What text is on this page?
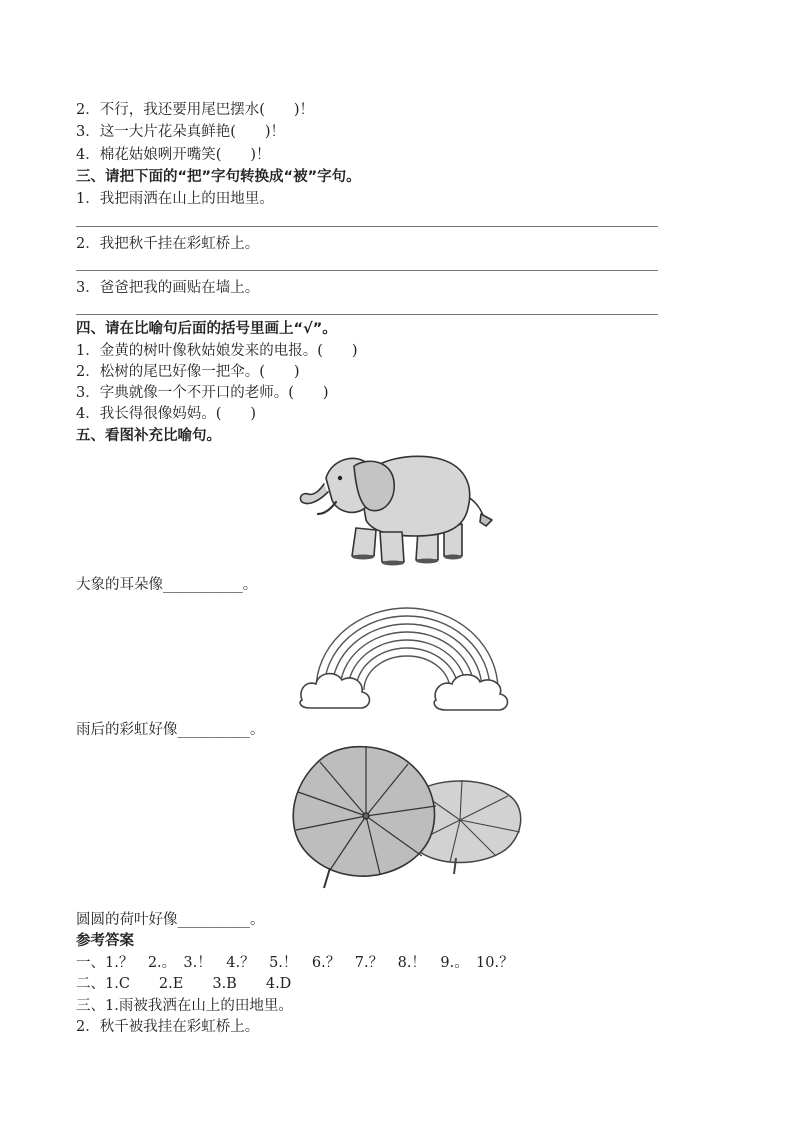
2．不行，我还要用尾巴摆水(　　)！
3．这一大片花朵真鲜艳(　　)！
4．棉花姑娘咧开嘴笑(　　)！
三、请把下面的“把”字句转换成“被”字句。
1．我把雨洒在山上的田地里。
2．我把秋千挂在彩虹桥上。
3．爸爸把我的画贴在墙上。
四、请在比喻句后面的括号里画上“√”。
1．金黄的树叶像秋姑娘发来的电报。(　　)
2．松树的尾巴好像一把伞。(　　)
3．字典就像一个不开口的老师。(　　)
4．我长得很像妈妈。(　　)
五、看图补充比喻句。
大象的耳朵像___________。
雨后的彩虹好像__________。
圆圆的荷叶好像__________。
参考答案
一、1.？　2.。　3.！　4.？　5.！　6.？　7.？　8.！　9.。　10.？
二、1.C　　2.E　　3.B　　4.D
三、1.雨被我洒在山上的田地里。
2．秋千被我挂在彩虹桥上。
